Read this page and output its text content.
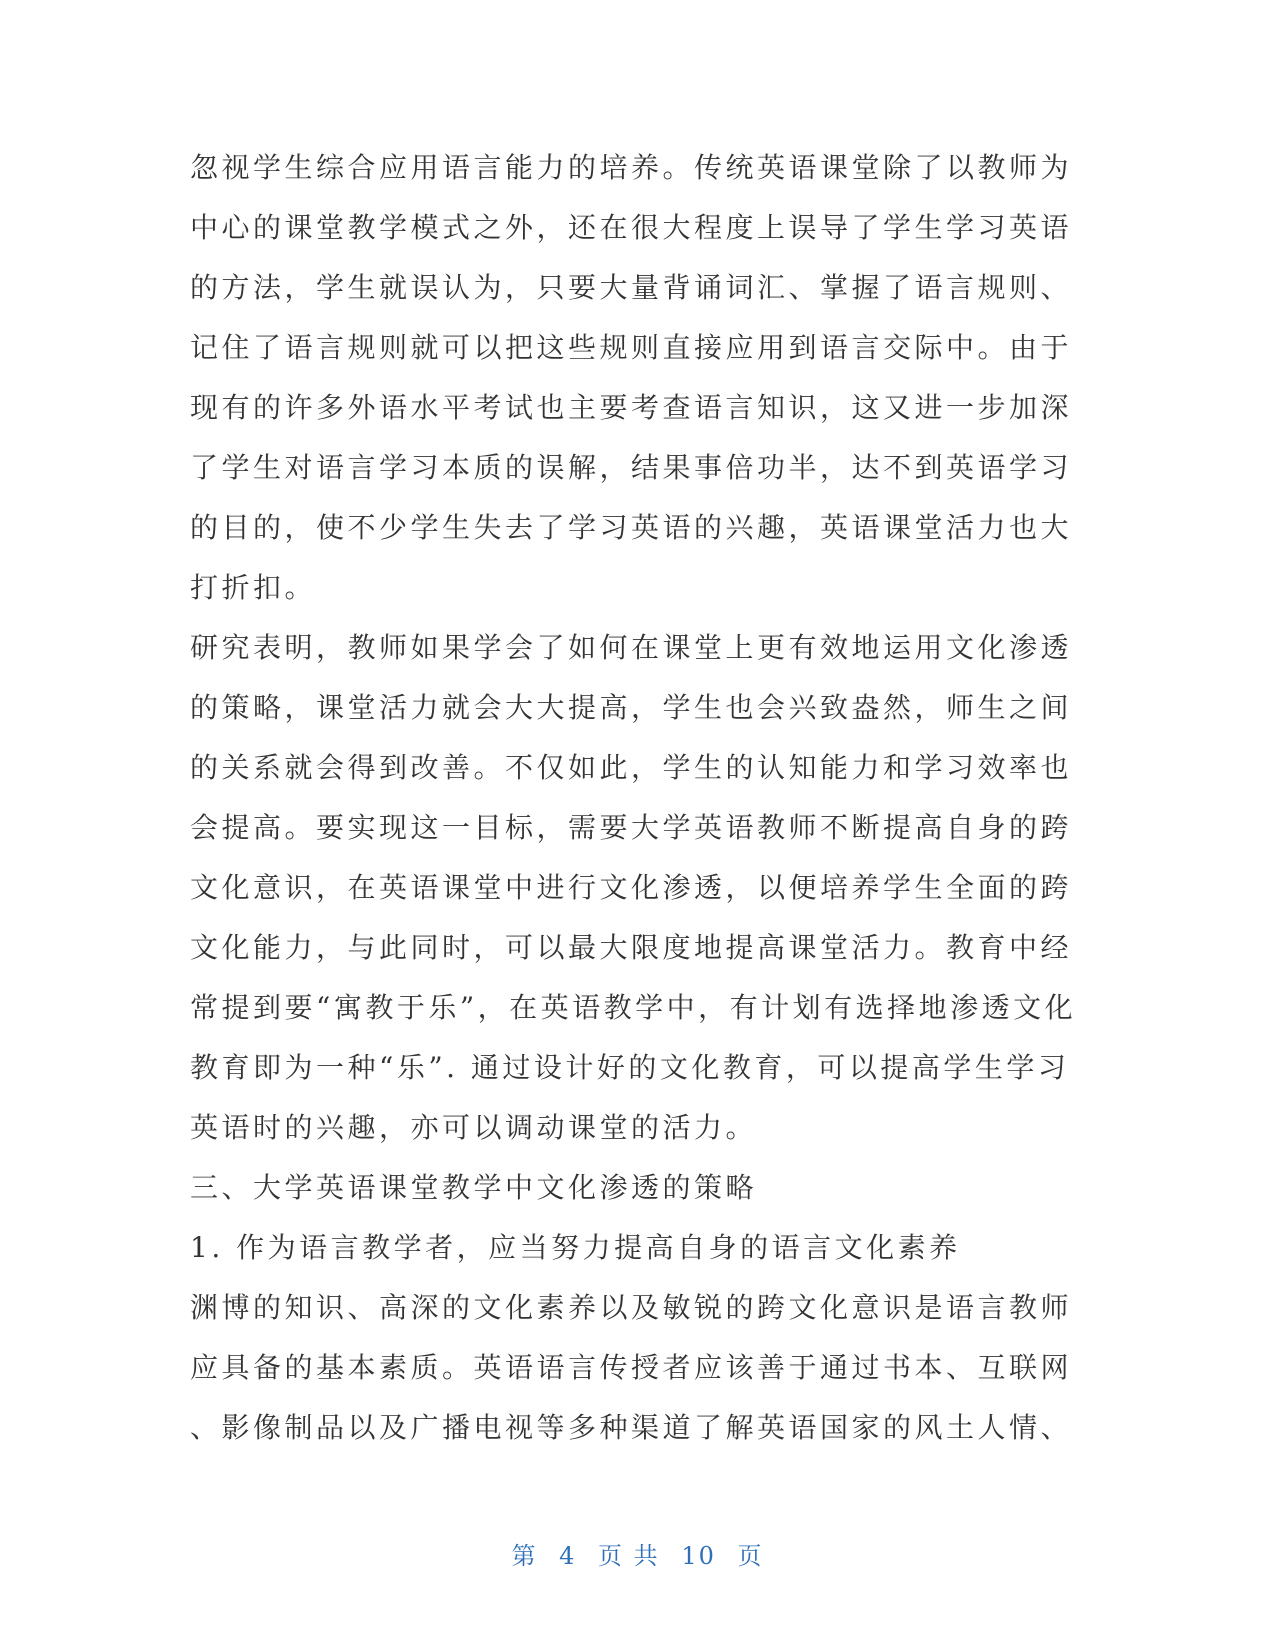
忽视学生综合应用语言能力的培养。传统英语课堂除了以教师为
中心的课堂教学模式之外，还在很大程度上误导了学生学习英语
的方法，学生就误认为，只要大量背诵词汇、掌握了语言规则、
记住了语言规则就可以把这些规则直接应用到语言交际中。由于
现有的许多外语水平考试也主要考查语言知识，这又进一步加深
了学生对语言学习本质的误解，结果事倍功半，达不到英语学习
的目的，使不少学生失去了学习英语的兴趣，英语课堂活力也大
打折扣。
研究表明，教师如果学会了如何在课堂上更有效地运用文化渗透
的策略，课堂活力就会大大提高，学生也会兴致盎然，师生之间
的关系就会得到改善。不仅如此，学生的认知能力和学习效率也
会提高。要实现这一目标，需要大学英语教师不断提高自身的跨
文化意识，在英语课堂中进行文化渗透，以便培养学生全面的跨
文化能力，与此同时，可以最大限度地提高课堂活力。教育中经
常提到要“寓教于乐”，在英语教学中，有计划有选择地渗透文化
教育即为一种“乐”. 通过设计好的文化教育，可以提高学生学习
英语时的兴趣，亦可以调动课堂的活力。
三、大学英语课堂教学中文化渗透的策略
1. 作为语言教学者，应当努力提高自身的语言文化素养
渊博的知识、高深的文化素养以及敏锐的跨文化意识是语言教师
应具备的基本素质。英语语言传授者应该善于通过书本、互联网
、影像制品以及广播电视等多种渠道了解英语国家的风土人情、
第 4 页 共 10 页
